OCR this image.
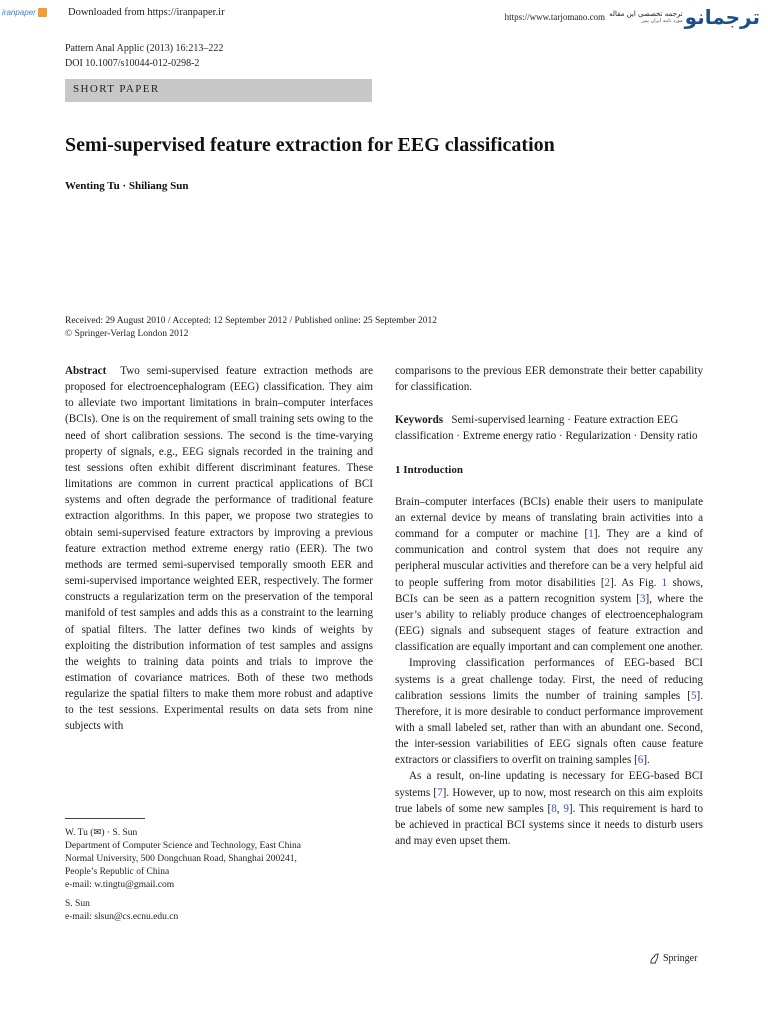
iranpaper	Downloaded from https://iranpaper.ir	https://www.tarjomano.com ترجمه تخصصی این مقاله
مورد تایید ایران پیپر ترجمانو
Pattern Anal Applic (2013) 16:213–222
DOI 10.1007/s10044-012-0298-2
SHORT PAPER
Semi-supervised feature extraction for EEG classification
Wenting Tu · Shiliang Sun
Received: 29 August 2010 / Accepted: 12 September 2012 / Published online: 25 September 2012
© Springer-Verlag London 2012

Abstract Two semi-supervised feature extraction methods are proposed for electroencephalogram (EEG) classification. They aim to alleviate two important limitations in brain–computer interfaces (BCIs). One is on the requirement of small training sets owing to the need of short calibration sessions. The second is the time-varying property of signals, e.g., EEG signals recorded in the training and test sessions often exhibit different discriminant features. These limitations are common in current practical applications of BCI systems and often degrade the performance of traditional feature extraction algorithms. In this paper, we propose two strategies to obtain semi-supervised feature extractors by improving a previous feature extraction method extreme energy ratio (EER). The two methods are termed semi-supervised temporally smooth EER and semi-supervised importance weighted EER, respectively. The former constructs a regularization term on the preservation of the temporal manifold of test samples and adds this as a constraint to the learning of spatial filters. The latter defines two kinds of weights by exploiting the distribution information of test samples and assigns the weights to training data points and trials to improve the estimation of covariance matrices. Both of these two methods regularize the spatial filters to make them more robust and adaptive to the test sessions. Experimental results on data sets from nine subjects with

W. Tu (✉) · S. Sun
Department of Computer Science and Technology, East China
Normal University, 500 Dongchuan Road, Shanghai 200241,
People’s Republic of China
e-mail: w.tingtu@gmail.com
S. Sun
e-mail: slsun@cs.ecnu.edu.cn

comparisons to the previous EER demonstrate their better capability for classification.

Keywords Semi-supervised learning · Feature extraction EEG classification · Extreme energy ratio · Regularization · Density ratio

1 Introduction

Brain–computer interfaces (BCIs) enable their users to manipulate an external device by means of translating brain activities into a command for a computer or machine [1]. They are a kind of communication and control system that does not require any peripheral muscular activities and therefore can be a very helpful aid to people suffering from motor disabilities [2]. As Fig. 1 shows, BCIs can be seen as a pattern recognition system [3], where the user’s ability to reliably produce changes of electroencephalogram (EEG) signals and subsequent stages of feature extraction and classification are equally important and can complement one another.

Improving classification performances of EEG-based BCI systems is a great challenge today. First, the need of reducing calibration sessions limits the number of training samples [5]. Therefore, it is more desirable to conduct performance improvement with a small labeled set, rather than with an abundant one. Second, the inter-session variabilities of EEG signals often cause feature extractors or classifiers to overfit on training samples [6].

As a result, on-line updating is necessary for EEG-based BCI systems [7]. However, up to now, most research on this aim exploits true labels of some new samples [8, 9]. This requirement is hard to be achieved in practical BCI systems since it needs to disturb users and may even upset them.

Springer
